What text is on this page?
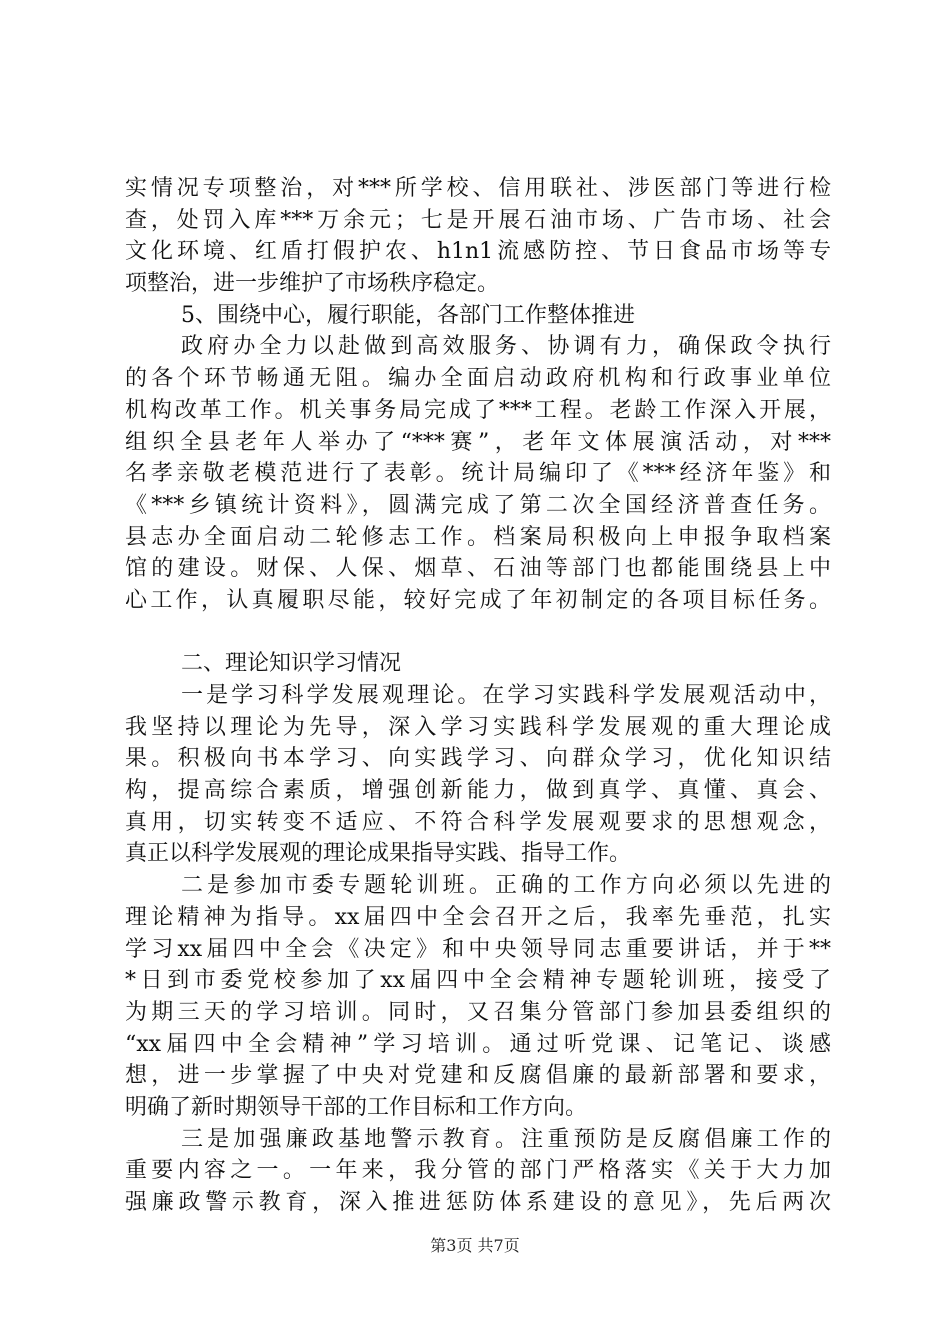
实情况专项整治，对***所学校、信用联社、涉医部门等进行检
查，处罚入库***万余元；七是开展石油市场、广告市场、社会
文化环境、红盾打假护农、h1n1流感防控、节日食品市场等专
项整治，进一步维护了市场秩序稳定。
5、围绕中心，履行职能，各部门工作整体推进
政府办全力以赴做到高效服务、协调有力，确保政令执行
的各个环节畅通无阻。编办全面启动政府机构和行政事业单位
机构改革工作。机关事务局完成了***工程。老龄工作深入开展，
组织全县老年人举办了“***赛”，老年文体展演活动，对***
名孝亲敬老模范进行了表彰。统计局编印了《***经济年鉴》和
《***乡镇统计资料》，圆满完成了第二次全国经济普查任务。
县志办全面启动二轮修志工作。档案局积极向上申报争取档案
馆的建设。财保、人保、烟草、石油等部门也都能围绕县上中
心工作，认真履职尽能，较好完成了年初制定的各项目标任务。
二、理论知识学习情况
一是学习科学发展观理论。在学习实践科学发展观活动中，
我坚持以理论为先导，深入学习实践科学发展观的重大理论成
果。积极向书本学习、向实践学习、向群众学习，优化知识结
构，提高综合素质，增强创新能力，做到真学、真懂、真会、
真用，切实转变不适应、不符合科学发展观要求的思想观念，
真正以科学发展观的理论成果指导实践、指导工作。
二是参加市委专题轮训班。正确的工作方向必须以先进的
理论精神为指导。xx届四中全会召开之后，我率先垂范，扎实
学习xx届四中全会《决定》和中央领导同志重要讲话，并于**
*日到市委党校参加了xx届四中全会精神专题轮训班，接受了
为期三天的学习培训。同时，又召集分管部门参加县委组织的
“xx届四中全会精神”学习培训。通过听党课、记笔记、谈感
想，进一步掌握了中央对党建和反腐倡廉的最新部署和要求，
明确了新时期领导干部的工作目标和工作方向。
三是加强廉政基地警示教育。注重预防是反腐倡廉工作的
重要内容之一。一年来，我分管的部门严格落实《关于大力加
强廉政警示教育，深入推进惩防体系建设的意见》，先后两次
第3页 共7页
